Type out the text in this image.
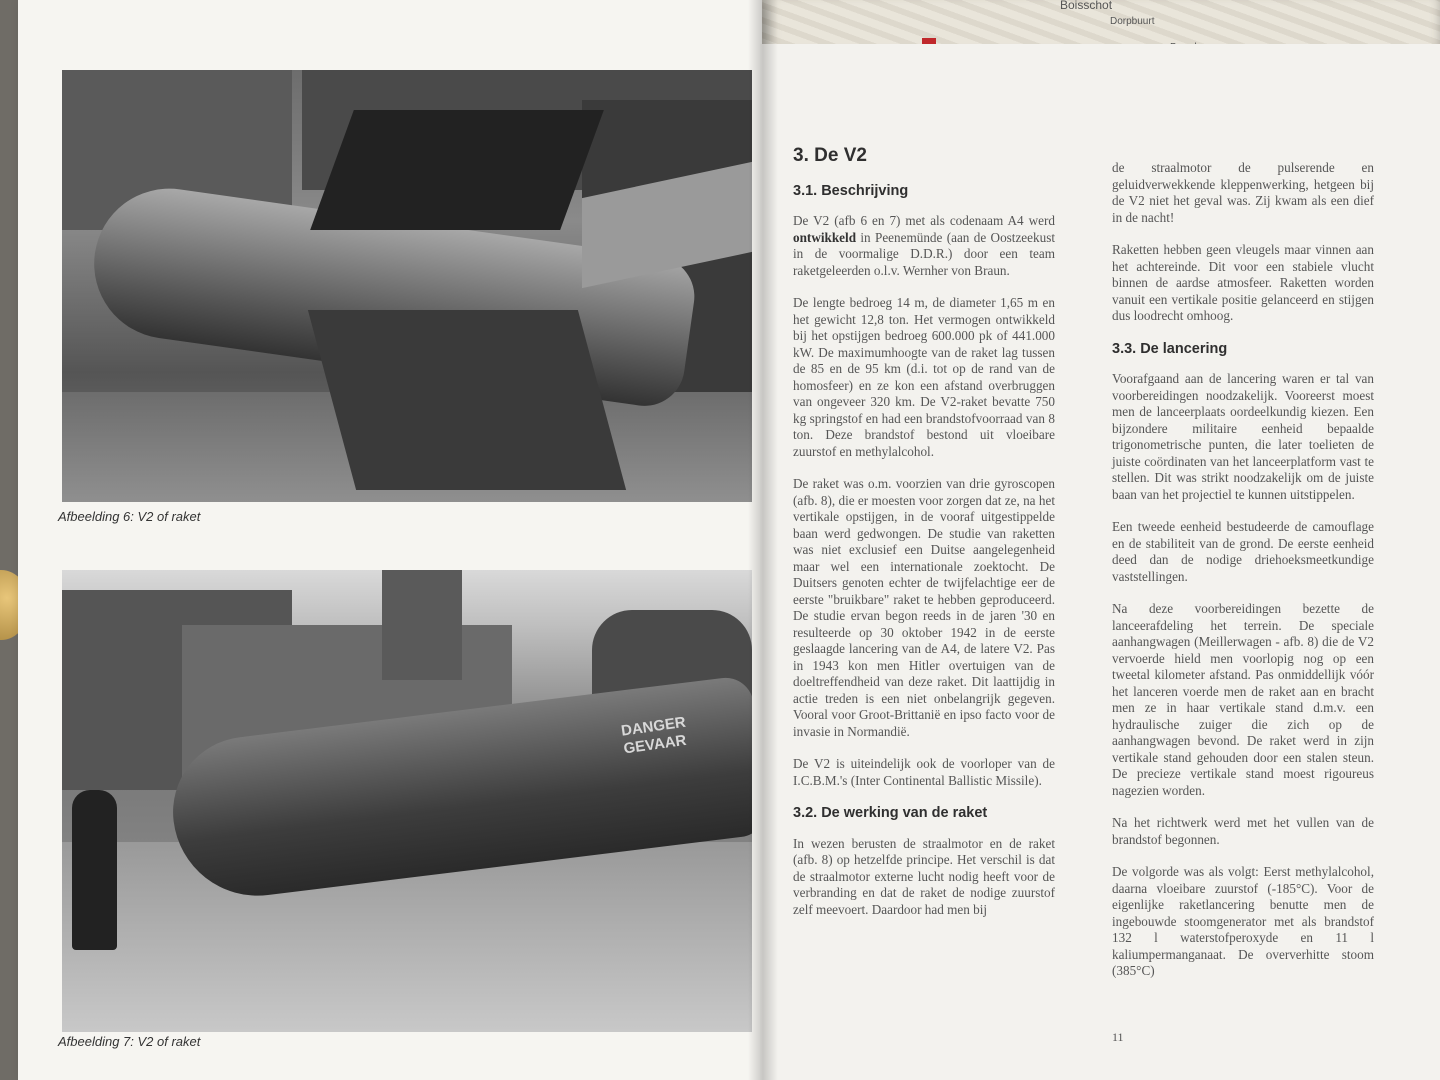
Boisschot
Dorpbuurt
Afbeelding 6: V2 of raket
DANGER GEVAAR
Afbeelding 7: V2 of raket
3. De V2
3.1. Beschrijving

De V2 (afb 6 en 7) met als codenaam A4 werd ontwikkeld in Peenemünde (aan de Oostzeekust in de voormalige D.D.R.) door een team raketgeleerden o.l.v. Wernher von Braun.

De lengte bedroeg 14 m, de diameter 1,65 m en het gewicht 12,8 ton. Het vermogen ontwikkeld bij het opstijgen bedroeg 600.000 pk of 441.000 kW. De maximumhoogte van de raket lag tussen de 85 en de 95 km (d.i. tot op de rand van de homosfeer) en ze kon een afstand overbruggen van ongeveer 320 km. De V2-raket bevatte 750 kg springstof en had een brandstofvoorraad van 8 ton. Deze brandstof bestond uit vloeibare zuurstof en methylalcohol.

De raket was o.m. voorzien van drie gyroscopen (afb. 8), die er moesten voor zorgen dat ze, na het vertikale opstijgen, in de vooraf uitgestippelde baan werd gedwongen. De studie van raketten was niet exclusief een Duitse aangelegenheid maar wel een internationale zoektocht. De Duitsers genoten echter de twijfelachtige eer de eerste "bruikbare" raket te hebben geproduceerd. De studie ervan begon reeds in de jaren '30 en resulteerde op 30 oktober 1942 in de eerste geslaagde lancering van de A4, de latere V2. Pas in 1943 kon men Hitler overtuigen van de doeltreffendheid van deze raket. Dit laattijdig in actie treden is een niet onbelangrijk gegeven. Vooral voor Groot-Brittanië en ipso facto voor de invasie in Normandië.

De V2 is uiteindelijk ook de voorloper van de I.C.B.M.'s (Inter Continental Ballistic Missile).

3.2. De werking van de raket

In wezen berusten de straalmotor en de raket (afb. 8) op hetzelfde principe. Het verschil is dat de straalmotor externe lucht nodig heeft voor de verbranding en dat de raket de nodige zuurstof zelf meevoert. Daardoor had men bij

de straalmotor de pulserende en geluidverwekkende kleppenwerking, hetgeen bij de V2 niet het geval was. Zij kwam als een dief in de nacht!

Raketten hebben geen vleugels maar vinnen aan het achtereinde. Dit voor een stabiele vlucht binnen de aardse atmosfeer. Raketten worden vanuit een vertikale positie gelanceerd en stijgen dus loodrecht omhoog.

3.3. De lancering

Voorafgaand aan de lancering waren er tal van voorbereidingen noodzakelijk. Vooreerst moest men de lanceerplaats oordeelkundig kiezen. Een bijzondere militaire eenheid bepaalde trigonometrische punten, die later toelieten de juiste coördinaten van het lanceerplatform vast te stellen. Dit was strikt noodzakelijk om de juiste baan van het projectiel te kunnen uitstippelen.

Een tweede eenheid bestudeerde de camouflage en de stabiliteit van de grond. De eerste eenheid deed dan de nodige driehoeksmeetkundige vaststellingen.

Na deze voorbereidingen bezette de lanceerafdeling het terrein. De speciale aanhangwagen (Meillerwagen - afb. 8) die de V2 vervoerde hield men voorlopig nog op een tweetal kilometer afstand. Pas onmiddellijk vóór het lanceren voerde men de raket aan en bracht men ze in haar vertikale stand d.m.v. een hydraulische zuiger die zich op de aanhangwagen bevond. De raket werd in zijn vertikale stand gehouden door een stalen steun. De precieze vertikale stand moest rigoureus nagezien worden.

Na het richtwerk werd met het vullen van de brandstof begonnen.

De volgorde was als volgt: Eerst methylalcohol, daarna vloeibare zuurstof (-185°C). Voor de eigenlijke raketlancering benutte men de ingebouwde stoomgenerator met als brandstof 132 l waterstofperoxyde en 11 l kaliumpermanganaat. De oververhitte stoom (385°C)

11
